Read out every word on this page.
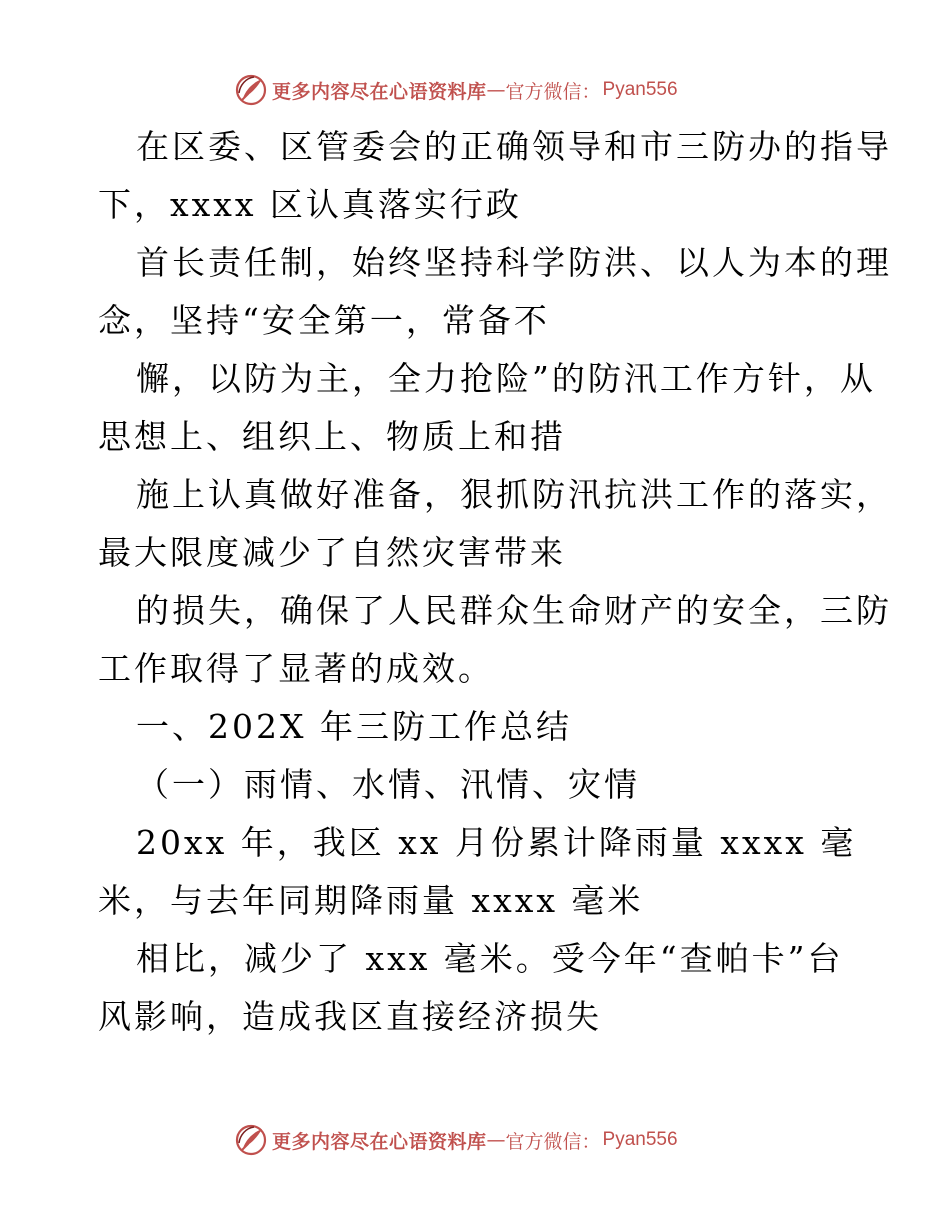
更多内容尽在心语资料库 — 官方微信： Pyan556
在区委、区管委会的正确领导和市三防办的指导
下，xxxx 区认真落实行政
首长责任制，始终坚持科学防洪、以人为本的理
念，坚持“安全第一，常备不
懈，以防为主，全力抢险”的防汛工作方针，从
思想上、组织上、物质上和措
施上认真做好准备，狠抓防汛抗洪工作的落实，
最大限度减少了自然灾害带来
的损失，确保了人民群众生命财产的安全，三防
工作取得了显著的成效。
一、202X 年三防工作总结
（一）雨情、水情、汛情、灾情
20xx 年，我区 xx 月份累计降雨量 xxxx 毫
米，与去年同期降雨量 xxxx 毫米
相比，减少了 xxx 毫米。受今年“查帕卡”台
风影响，造成我区直接经济损失
更多内容尽在心语资料库 — 官方微信： Pyan556
